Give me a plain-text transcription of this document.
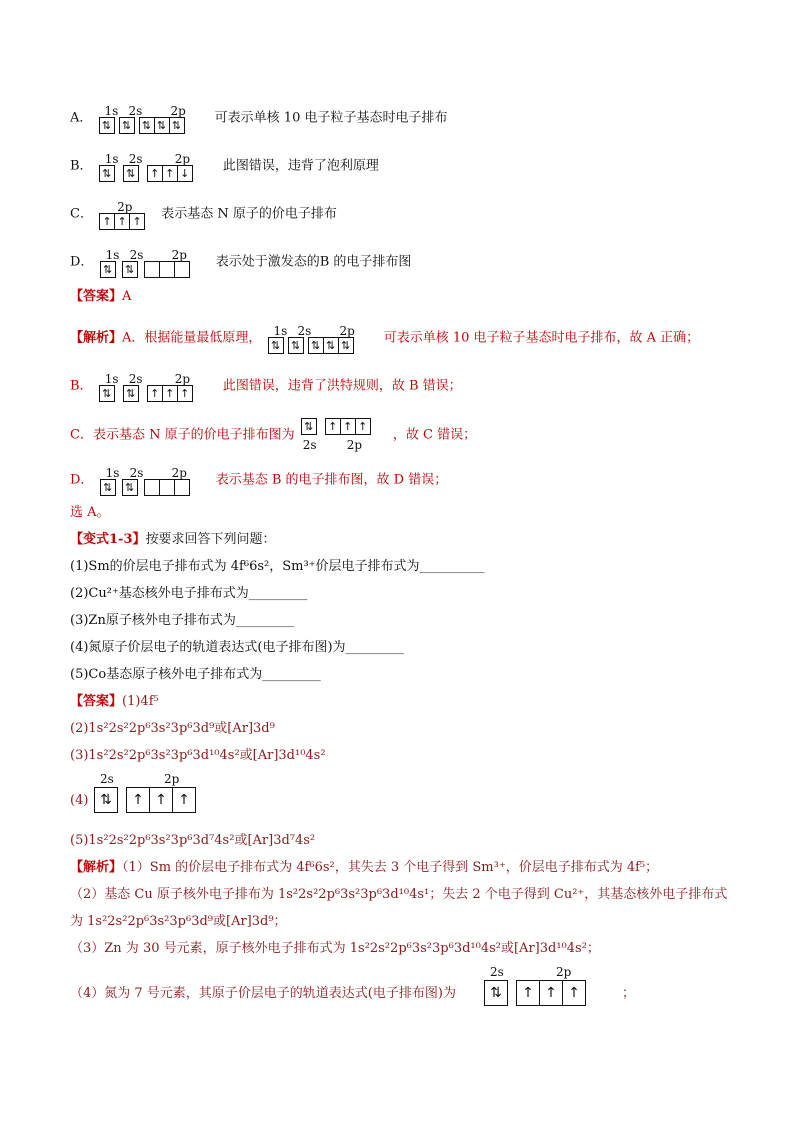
A． 1s 2s 2p
⇅ ⇅ ⇅ ⇅ ⇅	可表示单核 10 电子粒子基态时电子排布
B． 1s 2s	2p
⇅ ⇅ ↑ ↑ ↓	此图错误，违背了泡利原理
C． 2p
↑ ↑ ↑ 表示基态 N 原子的价电子排布
D． 1s 2s 2p
⇅ ⇅	表示处于激发态的B 的电子排布图
【答案】A
【解析】A．根据能量最低原理， 1s 2s 2p
⇅ ⇅ ⇅ ⇅ ⇅	可表示单核 10 电子粒子基态时电子排布，故 A 正确；
B． 1s 2s	2p
⇅ ⇅ ↑ ↑ ↑	此图错误，违背了洪特规则，故 B 错误；
C．表示基态 N 原子的价电子排布图为
⇅ ↑ ↑ ↑
2s	2p
，故 C 错误；
D． 1s 2s 2p
⇅ ⇅	表示基态 B 的电子排布图，故 D 错误；
选 A。
【变式1-3】按要求回答下列问题：
(1)Sm的价层电子排布式为 4f⁶6s²，Sm³⁺价层电子排布式为__________
(2)Cu²⁺基态核外电子排布式为_________
(3)Zn原子核外电子排布式为_________
(4)氮原子价层电子的轨道表达式(电子排布图)为_________
(5)Co基态原子核外电子排布式为_________
【答案】(1)4f⁵
(2)1s²2s²2p⁶3s²3p⁶3d⁹或[Ar]3d⁹
(3)1s²2s²2p⁶3s²3p⁶3d¹⁰4s²或[Ar]3d¹⁰4s²
(4)
2s	2p
⇅	↑ ↑ ↑
(5)1s²2s²2p⁶3s²3p⁶3d⁷4s²或[Ar]3d⁷4s²
【解析】（1）Sm 的价层电子排布式为 4f⁶6s²，其失去 3 个电子得到 Sm³⁺，价层电子排布式为 4f⁵；
（2）基态 Cu 原子核外电子排布为 1s²2s²2p⁶3s²3p⁶3d¹⁰4s¹；失去 2 个电子得到 Cu²⁺，其基态核外电子排布式
为 1s²2s²2p⁶3s²3p⁶3d⁹或[Ar]3d⁹；
（3）Zn 为 30 号元素，原子核外电子排布式为 1s²2s²2p⁶3s²3p⁶3d¹⁰4s²或[Ar]3d¹⁰4s²；
（4）氮为 7 号元素，其原子价层电子的轨道表达式(电子排布图)为
2s	2p
⇅	↑ ↑ ↑	；
